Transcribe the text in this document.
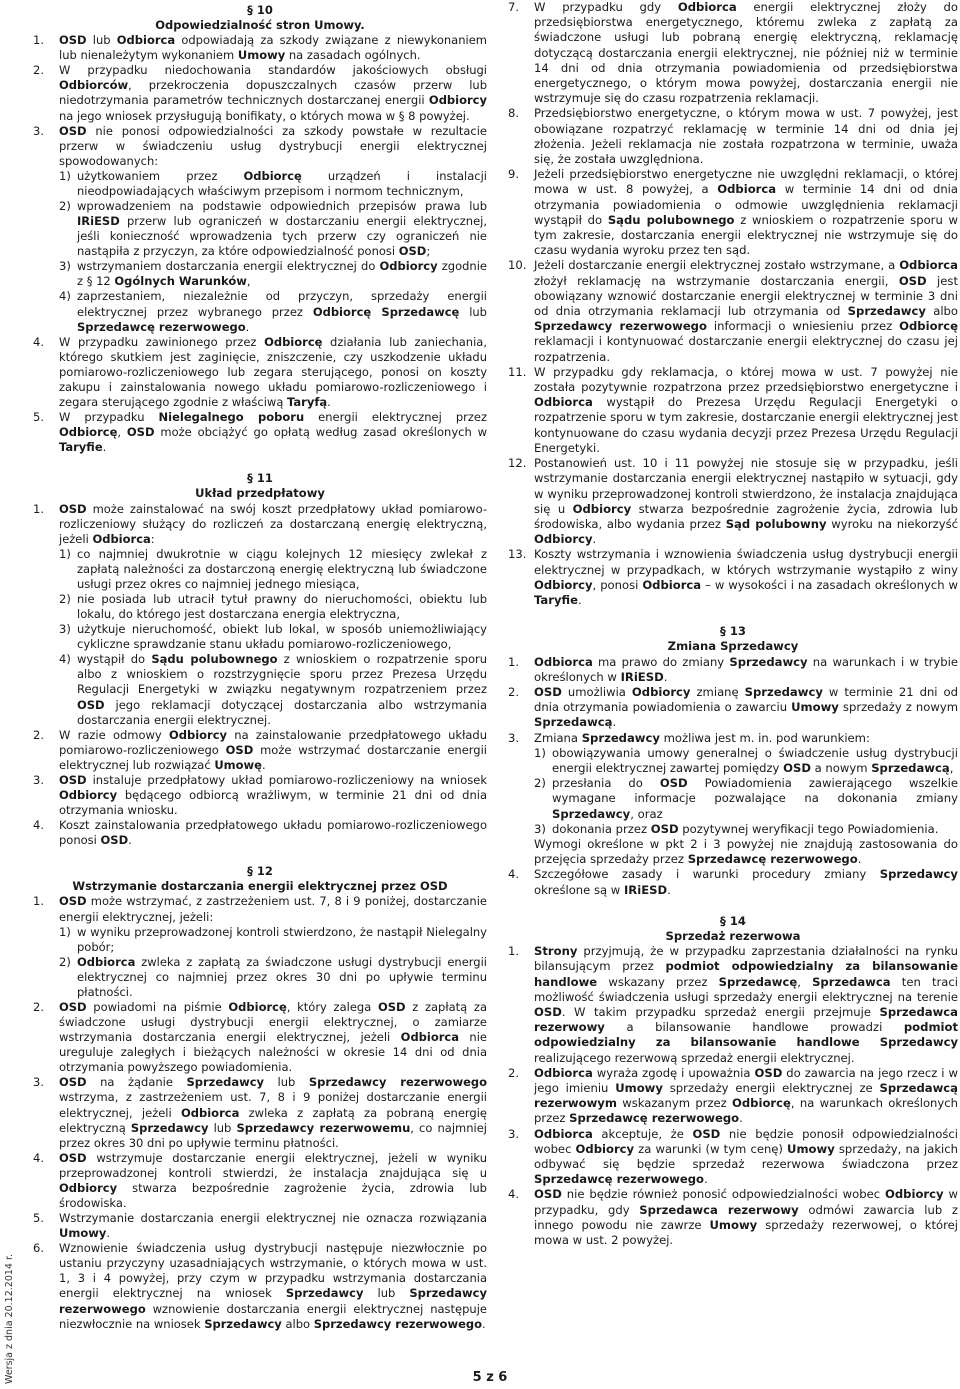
Wersja z dnia 20.12.2014 r.
§ 10
Odpowiedzialność stron Umowy.

1. OSD lub Odbiorca odpowiadają za szkody związane z niewykonaniem lub nienależytym wykonaniem Umowy na zasadach ogólnych.

2. W przypadku niedochowania standardów jakościowych obsługi Odbiorców, przekroczenia dopuszczalnych czasów przerw lub niedotrzymania parametrów technicznych dostarczanej energii Odbiorcy na jego wniosek przysługują bonifikaty, o których mowa w § 8 powyżej.

3. OSD nie ponosi odpowiedzialności za szkody powstałe w rezultacie przerw w świadczeniu usług dystrybucji energii elektrycznej spowodowanych:

1) użytkowaniem przez Odbiorcę urządzeń i instalacji nieodpowiadających właściwym przepisom i normom technicznym,

2) wprowadzeniem na podstawie odpowiednich przepisów prawa lub IRiESD przerw lub ograniczeń w dostarczaniu energii elektrycznej, jeśli konieczność wprowadzenia tych przerw czy ograniczeń nie nastąpiła z przyczyn, za które odpowiedzialność ponosi OSD;

3) wstrzymaniem dostarczania energii elektrycznej do Odbiorcy zgodnie z § 12 Ogólnych Warunków,

4) zaprzestaniem, niezależnie od przyczyn, sprzedaży energii elektrycznej przez wybranego przez Odbiorcę Sprzedawcę lub Sprzedawcę rezerwowego.

4. W przypadku zawinionego przez Odbiorcę działania lub zaniechania, którego skutkiem jest zaginięcie, zniszczenie, czy uszkodzenie układu pomiarowo-rozliczeniowego lub zegara sterującego, ponosi on koszty zakupu i zainstalowania nowego układu pomiarowo-rozliczeniowego i zegara sterującego zgodnie z właściwą Taryfą.

5. W przypadku Nielegalnego poboru energii elektrycznej przez Odbiorcę, OSD może obciążyć go opłatą według zasad określonych w Taryfie.

§ 11
Układ przedpłatowy

1. OSD może zainstalować na swój koszt przedpłatowy układ pomiarowo-rozliczeniowy służący do rozliczeń za dostarczaną energię elektryczną, jeżeli Odbiorca:

1) co najmniej dwukrotnie w ciągu kolejnych 12 miesięcy zwlekał z zapłatą należności za dostarczoną energię elektryczną lub świadczone usługi przez okres co najmniej jednego miesiąca,

2) nie posiada lub utracił tytuł prawny do nieruchomości, obiektu lub lokalu, do którego jest dostarczana energia elektryczna,

3) użytkuje nieruchomość, obiekt lub lokal, w sposób uniemożliwiający cykliczne sprawdzanie stanu układu pomiarowo-rozliczeniowego,

4) wystąpił do Sądu polubownego z wnioskiem o rozpatrzenie sporu albo z wnioskiem o rozstrzygnięcie sporu przez Prezesa Urzędu Regulacji Energetyki w związku negatywnym rozpatrzeniem przez OSD jego reklamacji dotyczącej dostarczania albo wstrzymania dostarczania energii elektrycznej.

2. W razie odmowy Odbiorcy na zainstalowanie przedpłatowego układu pomiarowo-rozliczeniowego OSD może wstrzymać dostarczanie energii elektrycznej lub rozwiązać Umowę.

3. OSD instaluje przedpłatowy układ pomiarowo-rozliczeniowy na wniosek Odbiorcy będącego odbiorcą wrażliwym, w terminie 21 dni od dnia otrzymania wniosku.

4. Koszt zainstalowania przedpłatowego układu pomiarowo-rozliczeniowego ponosi OSD.

§ 12
Wstrzymanie dostarczania energii elektrycznej przez OSD

1. OSD może wstrzymać, z zastrzeżeniem ust. 7, 8 i 9 poniżej, dostarczanie energii elektrycznej, jeżeli:

1) w wyniku przeprowadzonej kontroli stwierdzono, że nastąpił Nielegalny pobór;

2) Odbiorca zwleka z zapłatą za świadczone usługi dystrybucji energii elektrycznej co najmniej przez okres 30 dni po upływie terminu płatności.

2. OSD powiadomi na piśmie Odbiorcę, który zalega OSD z zapłatą za świadczone usługi dystrybucji energii elektrycznej, o zamiarze wstrzymania dostarczania energii elektrycznej, jeżeli Odbiorca nie ureguluje zaległych i bieżących należności w okresie 14 dni od dnia otrzymania powyższego powiadomienia.

3. OSD na żądanie Sprzedawcy lub Sprzedawcy rezerwowego wstrzyma, z zastrzeżeniem ust. 7, 8 i 9 poniżej dostarczanie energii elektrycznej, jeżeli Odbiorca zwleka z zapłatą za pobraną energię elektryczną Sprzedawcy lub Sprzedawcy rezerwowemu, co najmniej przez okres 30 dni po upływie terminu płatności.

4. OSD wstrzymuje dostarczanie energii elektrycznej, jeżeli w wyniku przeprowadzonej kontroli stwierdzi, że instalacja znajdująca się u Odbiorcy stwarza bezpośrednie zagrożenie życia, zdrowia lub środowiska.

5. Wstrzymanie dostarczania energii elektrycznej nie oznacza rozwiązania Umowy.

6. Wznowienie świadczenia usług dystrybucji następuje niezwłocznie po ustaniu przyczyny uzasadniających wstrzymanie, o których mowa w ust. 1, 3 i 4 powyżej, przy czym w przypadku wstrzymania dostarczania energii elektrycznej na wniosek Sprzedawcy lub Sprzedawcy rezerwowego wznowienie dostarczania energii elektrycznej następuje niezwłocznie na wniosek Sprzedawcy albo Sprzedawcy rezerwowego.

7. W przypadku gdy Odbiorca energii elektrycznej złoży do przedsiębiorstwa energetycznego, któremu zwleka z zapłatą za świadczone usługi lub pobraną energię elektryczną, reklamację dotyczącą dostarczania energii elektrycznej, nie później niż w terminie 14 dni od dnia otrzymania powiadomienia od przedsiębiorstwa energetycznego, o którym mowa powyżej, dostarczania energii nie wstrzymuje się do czasu rozpatrzenia reklamacji.

8. Przedsiębiorstwo energetyczne, o którym mowa w ust. 7 powyżej, jest obowiązane rozpatrzyć reklamację w terminie 14 dni od dnia jej złożenia. Jeżeli reklamacja nie została rozpatrzona w terminie, uważa się, że została uwzględniona.

9. Jeżeli przedsiębiorstwo energetyczne nie uwzględni reklamacji, o której mowa w ust. 8 powyżej, a Odbiorca w terminie 14 dni od dnia otrzymania powiadomienia o odmowie uwzględnienia reklamacji wystąpił do Sądu polubownego z wnioskiem o rozpatrzenie sporu w tym zakresie, dostarczania energii elektrycznej nie wstrzymuje się do czasu wydania wyroku przez ten sąd.

10. Jeżeli dostarczanie energii elektrycznej zostało wstrzymane, a Odbiorca złożył reklamację na wstrzymanie dostarczania energii, OSD jest obowiązany wznowić dostarczanie energii elektrycznej w terminie 3 dni od dnia otrzymania reklamacji lub otrzymania od Sprzedawcy albo Sprzedawcy rezerwowego informacji o wniesieniu przez Odbiorcę reklamacji i kontynuować dostarczanie energii elektrycznej do czasu jej rozpatrzenia.

11. W przypadku gdy reklamacja, o której mowa w ust. 7 powyżej nie została pozytywnie rozpatrzona przez przedsiębiorstwo energetyczne i Odbiorca wystąpił do Prezesa Urzędu Regulacji Energetyki o rozpatrzenie sporu w tym zakresie, dostarczanie energii elektrycznej jest kontynuowane do czasu wydania decyzji przez Prezesa Urzędu Regulacji Energetyki.

12. Postanowień ust. 10 i 11 powyżej nie stosuje się w przypadku, jeśli wstrzymanie dostarczania energii elektrycznej nastąpiło w sytuacji, gdy w wyniku przeprowadzonej kontroli stwierdzono, że instalacja znajdująca się u Odbiorcy stwarza bezpośrednie zagrożenie życia, zdrowia lub środowiska, albo wydania przez Sąd polubowny wyroku na niekorzyść Odbiorcy.

13. Koszty wstrzymania i wznowienia świadczenia usług dystrybucji energii elektrycznej w przypadkach, w których wstrzymanie wystąpiło z winy Odbiorcy, ponosi Odbiorca – w wysokości i na zasadach określonych w Taryfie.

§ 13
Zmiana Sprzedawcy

1. Odbiorca ma prawo do zmiany Sprzedawcy na warunkach i w trybie określonych w IRiESD.

2. OSD umożliwia Odbiorcy zmianę Sprzedawcy w terminie 21 dni od dnia otrzymania powiadomienia o zawarciu Umowy sprzedaży z nowym Sprzedawcą.

3. Zmiana Sprzedawcy możliwa jest m. in. pod warunkiem:

1) obowiązywania umowy generalnej o świadczenie usług dystrybucji energii elektrycznej zawartej pomiędzy OSD a nowym Sprzedawcą,

2) przesłania do OSD Powiadomienia zawierającego wszelkie wymagane informacje pozwalające na dokonania zmiany Sprzedawcy, oraz

3) dokonania przez OSD pozytywnej weryfikacji tego Powiadomienia.

Wymogi określone w pkt 2 i 3 powyżej nie znajdują zastosowania do przejęcia sprzedaży przez Sprzedawcę rezerwowego.

4. Szczegółowe zasady i warunki procedury zmiany Sprzedawcy określone są w IRiESD.

§ 14
Sprzedaż rezerwowa

1. Strony przyjmują, że w przypadku zaprzestania działalności na rynku bilansującym przez podmiot odpowiedzialny za bilansowanie handlowe wskazany przez Sprzedawcę, Sprzedawca ten traci możliwość świadczenia usługi sprzedaży energii elektrycznej na terenie OSD. W takim przypadku sprzedaż energii przejmuje Sprzedawca rezerwowy a bilansowanie handlowe prowadzi podmiot odpowiedzialny za bilansowanie handlowe Sprzedawcy realizującego rezerwową sprzedaż energii elektrycznej.

2. Odbiorca wyraża zgodę i upoważnia OSD do zawarcia na jego rzecz i w jego imieniu Umowy sprzedaży energii elektrycznej ze Sprzedawcą rezerwowym wskazanym przez Odbiorcę, na warunkach określonych przez Sprzedawcę rezerwowego.

3. Odbiorca akceptuje, że OSD nie będzie ponosił odpowiedzialności wobec Odbiorcy za warunki (w tym cenę) Umowy sprzedaży, na jakich odbywać się będzie sprzedaż rezerwowa świadczona przez Sprzedawcę rezerwowego.

4. OSD nie będzie również ponosić odpowiedzialności wobec Odbiorcy w przypadku, gdy Sprzedawca rezerwowy odmówi zawarcia lub z innego powodu nie zawrze Umowy sprzedaży rezerwowej, o której mowa w ust. 2 powyżej.

5 z 6
